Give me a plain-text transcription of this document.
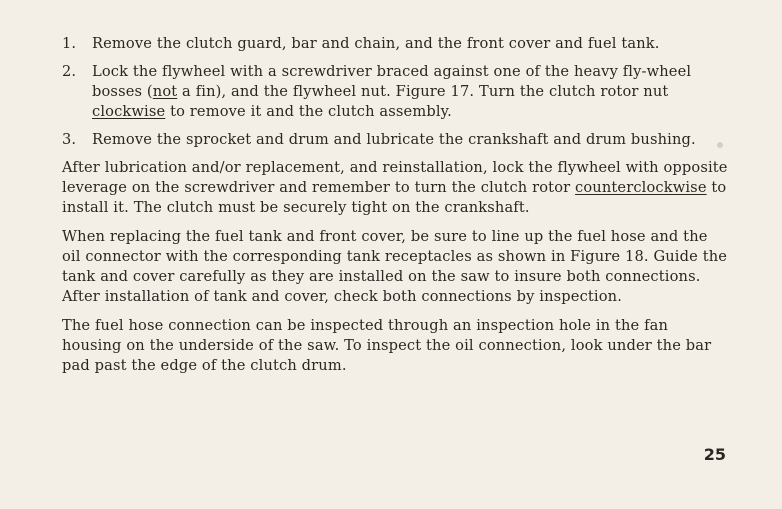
1. Remove the clutch guard, bar and chain, and the front cover and fuel tank.
2. Lock the flywheel with a screwdriver braced against one of the heavy fly-wheel bosses (not a fin), and the flywheel nut. Figure 17. Turn the clutch rotor nut clockwise to remove it and the clutch assembly.
3. Remove the sprocket and drum and lubricate the crankshaft and drum bushing.

After lubrication and/or replacement, and reinstallation, lock the flywheel with opposite leverage on the screwdriver and remember to turn the clutch rotor counterclockwise to install it. The clutch must be securely tight on the crankshaft.

When replacing the fuel tank and front cover, be sure to line up the fuel hose and the oil connector with the corresponding tank receptacles as shown in Figure 18. Guide the tank and cover carefully as they are installed on the saw to insure both connections. After installation of tank and cover, check both connections by inspection.

The fuel hose connection can be inspected through an inspection hole in the fan housing on the underside of the saw. To inspect the oil connection, look under the bar pad past the edge of the clutch drum.

25
